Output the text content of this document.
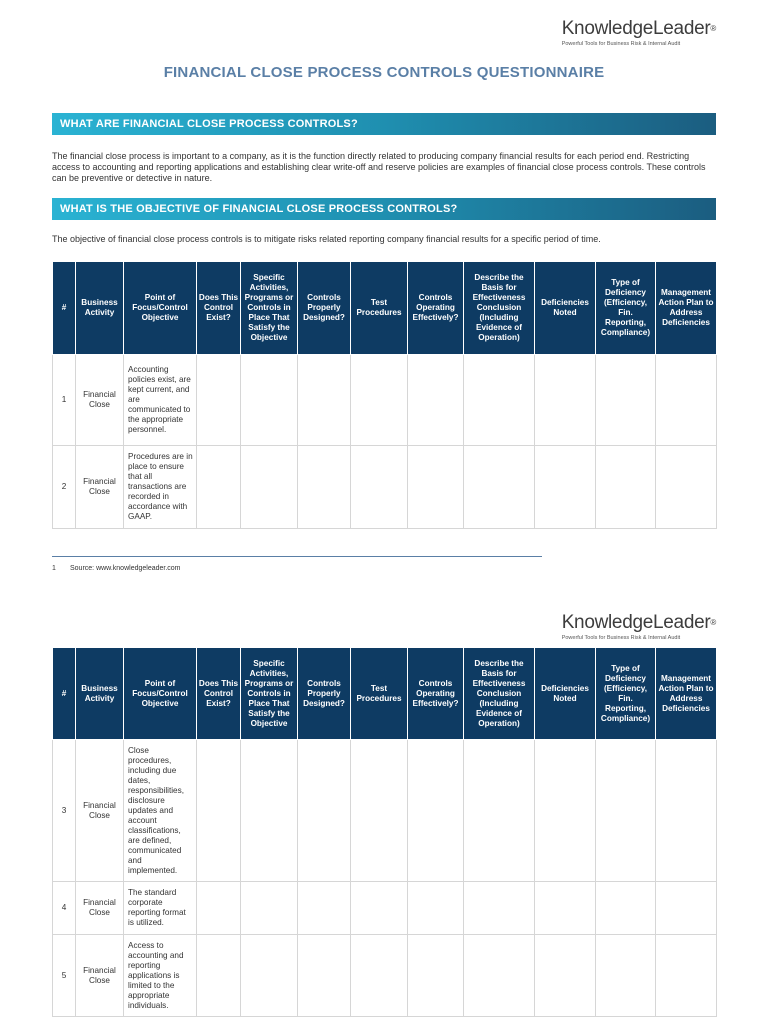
KnowledgeLeader®
Powerful Tools for Business Risk & Internal Audit
FINANCIAL CLOSE PROCESS CONTROLS QUESTIONNAIRE
WHAT ARE FINANCIAL CLOSE PROCESS CONTROLS?
The financial close process is important to a company, as it is the function directly related to producing company financial results for each period end. Restricting access to accounting and reporting applications and establishing clear write-off and reserve policies are examples of financial close process controls. These controls can be preventive or detective in nature.
WHAT IS THE OBJECTIVE OF FINANCIAL CLOSE PROCESS CONTROLS?
The objective of financial close process controls is to mitigate risks related reporting company financial results for a specific period of time.
#	Business Activity	Point of Focus/Control Objective	Does This Control Exist?	Specific Activities, Programs or Controls in Place That Satisfy the Objective	Controls Properly Designed?	Test Procedures	Controls Operating Effectively?	Describe the Basis for Effectiveness Conclusion (Including Evidence of Operation)	Deficiencies Noted	Type of Deficiency (Efficiency, Fin. Reporting, Compliance)	Management Action Plan to Address Deficiencies
1	Financial Close	Accounting policies exist, are kept current, and are communicated to the appropriate personnel.									
2	Financial Close	Procedures are in place to ensure that all transactions are recorded in accordance with GAAP.									
1 Source: www.knowledgeleader.com
KnowledgeLeader®
Powerful Tools for Business Risk & Internal Audit
#	Business Activity	Point of Focus/Control Objective	Does This Control Exist?	Specific Activities, Programs or Controls in Place That Satisfy the Objective	Controls Properly Designed?	Test Procedures	Controls Operating Effectively?	Describe the Basis for Effectiveness Conclusion (Including Evidence of Operation)	Deficiencies Noted	Type of Deficiency (Efficiency, Fin. Reporting, Compliance)	Management Action Plan to Address Deficiencies
3	Financial Close	Close procedures, including due dates, responsibilities, disclosure updates and account classifications, are defined, communicated and implemented.									
4	Financial Close	The standard corporate reporting format is utilized.									
5	Financial Close	Access to accounting and reporting applications is limited to the appropriate individuals.									
